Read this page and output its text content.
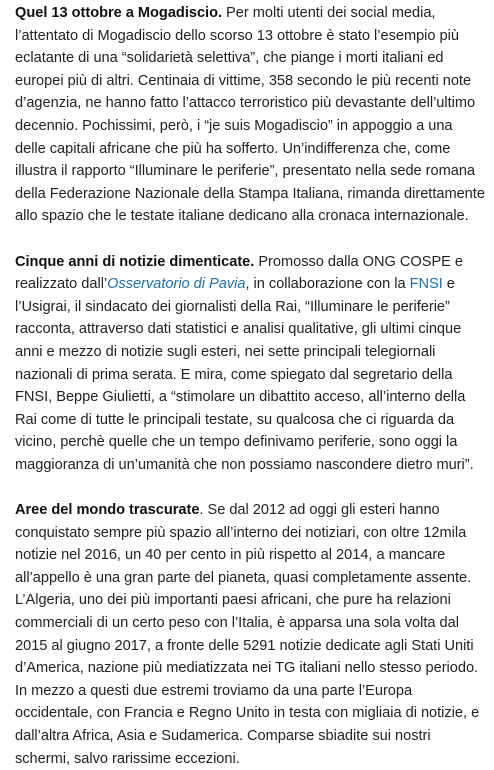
Quel 13 ottobre a Mogadiscio. Per molti utenti dei social media, l’attentato di Mogadiscio dello scorso 13 ottobre è stato l’esempio più eclatante di una “solidarietà selettiva”, che piange i morti italiani ed europei più di altri. Centinaia di vittime, 358 secondo le più recenti note d’agenzia, ne hanno fatto l’attacco terroristico più devastante dell’ultimo decennio. Pochissimi, però, i “je suis Mogadiscio” in appoggio a una delle capitali africane che più ha sofferto. Un’indifferenza che, come illustra il rapporto “Illuminare le periferie”, presentato nella sede romana della Federazione Nazionale della Stampa Italiana, rimanda direttamente allo spazio che le testate italiane dedicano alla cronaca internazionale.

Cinque anni di notizie dimenticate. Promosso dalla ONG COSPE e realizzato dall’Osservatorio di Pavia, in collaborazione con la FNSI e l’Usigrai, il sindacato dei giornalisti della Rai, “Illuminare le periferie” racconta, attraverso dati statistici e analisi qualitative, gli ultimi cinque anni e mezzo di notizie sugli esteri, nei sette principali telegiornali nazionali di prima serata. E mira, come spiegato dal segretario della FNSI, Beppe Giulietti, a “stimolare un dibattito acceso, all’interno della Rai come di tutte le principali testate, su qualcosa che ci riguarda da vicino, perchè quelle che un tempo definivamo periferie, sono oggi la maggioranza di un’umanità che non possiamo nascondere dietro muri”.

Aree del mondo trascurate. Se dal 2012 ad oggi gli esteri hanno conquistato sempre più spazio all’interno dei notiziari, con oltre 12mila notizie nel 2016, un 40 per cento in più rispetto al 2014, a mancare all’appello è una gran parte del pianeta, quasi completamente assente. L’Algeria, uno dei più importanti paesi africani, che pure ha relazioni commerciali di un certo peso con l’Italia, è apparsa una sola volta dal 2015 al giugno 2017, a fronte delle 5291 notizie dedicate agli Stati Uniti d’America, nazione più mediatizzata nei TG italiani nello stesso periodo. In mezzo a questi due estremi troviamo da una parte l’Europa occidentale, con Francia e Regno Unito in testa con migliaia di notizie, e dall’altra Africa, Asia e Sudamerica. Comparse sbiadite sui nostri schermi, salvo rarissime eccezioni.
